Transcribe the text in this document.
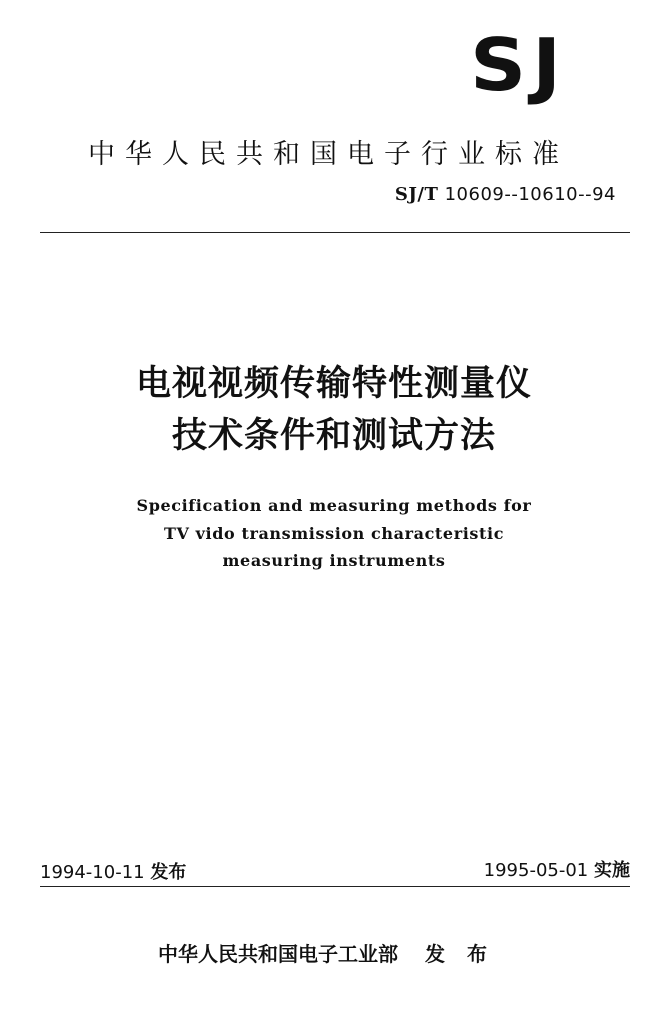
SJ
中华人民共和国电子行业标准
SJ/T 10609--10610--94
电视视频传输特性测量仪
技术条件和测试方法
Specification and measuring methods for
TV vido transmission characteristic
measuring instruments
1994-10-11 发布	1995-05-01 实施
中华人民共和国电子工业部 发布
